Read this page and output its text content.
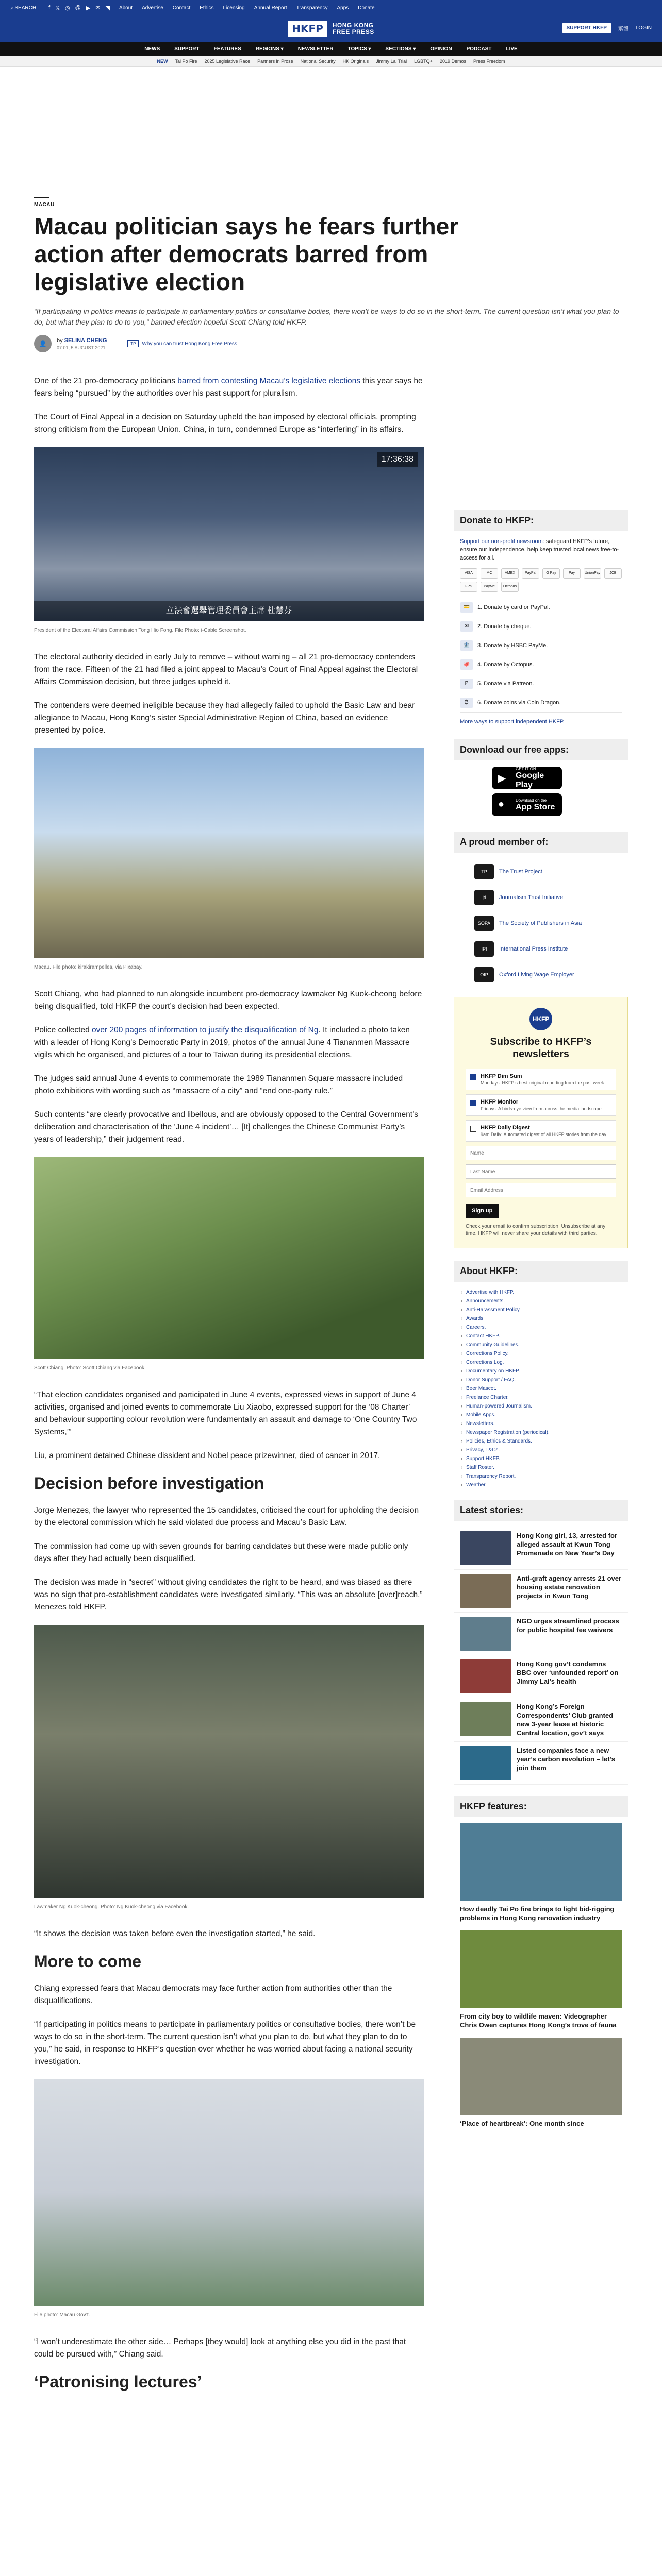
⌕ SEARCH f 𝕏 ◎ @ ▶ ✉ ◥ About Advertise Contact Ethics Licensing Annual Report Transparency Apps Donate
HKFP	HONG KONG
FREE PRESS
SUPPORT HKFP	繁體 LOGIN
NEWS	SUPPORT	FEATURES	REGIONS ▾	NEWSLETTER	TOPICS ▾	SECTIONS ▾	OPINION	PODCAST	LIVE
NEW Tai Po Fire 2025 Legislative Race Partners in Prose National Security HK Originals Jimmy Lai Trial LGBTQ+ 2019 Demos Press Freedom
MACAU
Macau politician says he fears further action after democrats barred from legislative election
“If participating in politics means to participate in parliamentary politics or consultative bodies, there won’t be ways to do so in the short-term. The current question isn’t what you plan to do, but what they plan to do to you,” banned election hopeful Scott Chiang told HKFP.
👤	by SELINA CHENG
07:01, 5 AUGUST 2021
TP	Why you can trust Hong Kong Free Press

One of the 21 pro-democracy politicians barred from contesting Macau’s legislative elections this year says he fears being “pursued” by the authorities over his past support for pluralism.

The Court of Final Appeal in a decision on Saturday upheld the ban imposed by electoral officials, prompting strong criticism from the European Union. China, in turn, condemned Europe as “interfering” in its affairs.

17:36:38
立法會選舉管理委員會主席 杜慧芬
President of the Electoral Affairs Commission Tong Hio Fong. File Photo: i-Cable Screenshot.

The electoral authority decided in early July to remove – without warning – all 21 pro-democracy contenders from the race. Fifteen of the 21 had filed a joint appeal to Macau’s Court of Final Appeal against the Electoral Affairs Commission decision, but three judges upheld it.

The contenders were deemed ineligible because they had allegedly failed to uphold the Basic Law and bear allegiance to Macau, Hong Kong’s sister Special Administrative Region of China, based on evidence presented by police.

Macau. File photo: kirakirampelles, via Pixabay.

Scott Chiang, who had planned to run alongside incumbent pro-democracy lawmaker Ng Kuok-cheong before being disqualified, told HKFP the court’s decision had been expected.

Police collected over 200 pages of information to justify the disqualification of Ng. It included a photo taken with a leader of Hong Kong’s Democratic Party in 2019, photos of the annual June 4 Tiananmen Massacre vigils which he organised, and pictures of a tour to Taiwan during its presidential elections.

The judges said annual June 4 events to commemorate the 1989 Tiananmen Square massacre included photo exhibitions with wording such as “massacre of a city” and “end one-party rule.”

Such contents “are clearly provocative and libellous, and are obviously opposed to the Central Government’s deliberation and characterisation of the ‘June 4 incident’… [It] challenges the Chinese Communist Party’s years of leadership,” their judgement read.

Scott Chiang. Photo: Scott Chiang via Facebook.

“That election candidates organised and participated in June 4 events, expressed views in support of June 4 activities, organised and joined events to commemorate Liu Xiaobo, expressed support for the ‘08 Charter’ and behaviour supporting colour revolution were fundamentally an assault and damage to ‘One Country Two Systems,’”

Liu, a prominent detained Chinese dissident and Nobel peace prizewinner, died of cancer in 2017.

Decision before investigation

Jorge Menezes, the lawyer who represented the 15 candidates, criticised the court for upholding the decision by the electoral commission which he said violated due process and Macau’s Basic Law.

The commission had come up with seven grounds for barring candidates but these were made public only days after they had actually been disqualified.

The decision was made in “secret” without giving candidates the right to be heard, and was biased as there was no sign that pro-establishment candidates were investigated similarly. “This was an absolute [over]reach,” Menezes told HKFP.

Lawmaker Ng Kuok-cheong. Photo: Ng Kuok-cheong via Facebook.

“It shows the decision was taken before even the investigation started,” he said.

More to come

Chiang expressed fears that Macau democrats may face further action from authorities other than the disqualifications.

“If participating in politics means to participate in parliamentary politics or consultative bodies, there won’t be ways to do so in the short-term. The current question isn’t what you plan to do, but what they plan to do to you,” he said, in response to HKFP’s question over whether he was worried about facing a national security investigation.

File photo: Macau Gov’t.

“I won’t underestimate the other side… Perhaps [they would] look at anything else you did in the past that could be pursued with,” Chiang said.

‘Patronising lectures’
Donate to HKFP:

Support our non-profit newsroom: safeguard HKFP’s future, ensure our independence, help keep trusted local news free-to-access for all.

VISA	MC	AMEX	PayPal	G Pay	Pay	UnionPay	JCB
FPS	PayMe	Octopus
💳	1. Donate by card or PayPal.
✉	2. Donate by cheque.
🏦	3. Donate by HSBC PayMe.
🐙	4. Donate by Octopus.
P	5. Donate via Patreon.
₿	6. Donate coins via Coin Dragon.

More ways to support independent HKFP.

Download our free apps:
▶
GET IT ON
Google Play
●	Download on the
App Store
A proud member of:
TP	The Trust Project
jti	Journalism Trust Initiative
SOPA	The Society of Publishers in Asia
IPI	International Press Institute
OIP	Oxford Living Wage Employer
HKFP
Subscribe to HKFP’s newsletters
HKFP Dim Sum
Mondays: HKFP’s best original reporting from the past week.
HKFP Monitor
Fridays: A birds-eye view from across the media landscape.
HKFP Daily Digest
9am Daily: Automated digest of all HKFP stories from the day.
Name
Last Name
Email Address Sign up

Check your email to confirm subscription. Unsubscribe at any time. HKFP will never share your details with third parties.

About HKFP:
› Advertise with HKFP.
› Announcements.
› Anti-Harassment Policy.
› Awards.
› Careers.
› Contact HKFP.
› Community Guidelines.
› Corrections Policy.
› Corrections Log.
› Documentary on HKFP.
› Donor Support / FAQ.
› Beer Mascot.
› Freelance Charter.
› Human-powered Journalism.
› Mobile Apps.
› Newsletters.
› Newspaper Registration (periodical).
› Policies, Ethics & Standards.
› Privacy, T&Cs.
› Support HKFP.
› Staff Roster.
› Transparency Report.
› Weather.
Latest stories:
Hong Kong girl, 13, arrested for alleged assault at Kwun Tong Promenade on New Year’s Day
Anti-graft agency arrests 21 over housing estate renovation projects in Kwun Tong
NGO urges streamlined process for public hospital fee waivers
Hong Kong gov’t condemns BBC over ‘unfounded report’ on Jimmy Lai’s health
Hong Kong’s Foreign Correspondents’ Club granted new 3-year lease at historic Central location, gov’t says
Listed companies face a new year’s carbon revolution – let’s join them
HKFP features:
How deadly Tai Po fire brings to light bid-rigging problems in Hong Kong renovation industry
From city boy to wildlife maven: Videographer Chris Owen captures Hong Kong’s trove of fauna
‘Place of heartbreak’: One month since
